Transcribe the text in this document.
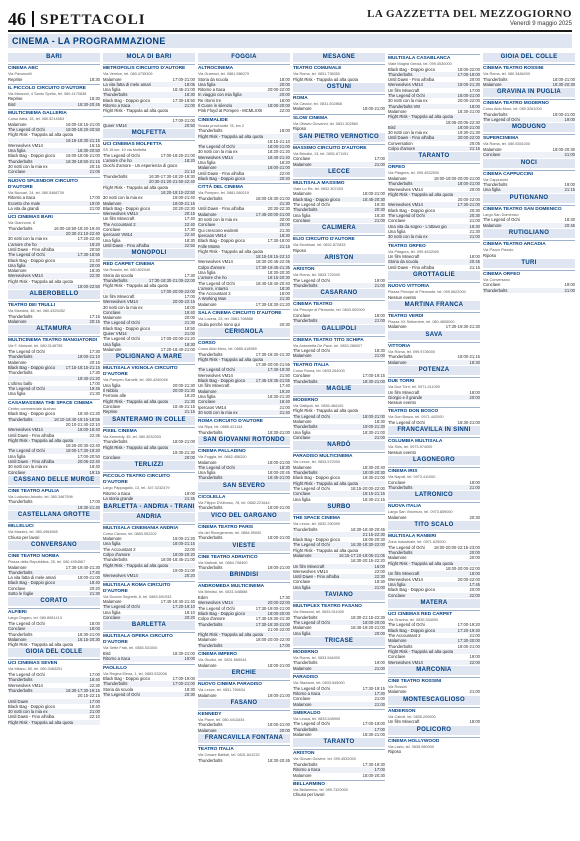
46 SPETTACOLI	LA GAZZETTA DEL MEZZOGIORNO
Venerdì 9 maggio 2025
CINEMA - LA PROGRAMMAZIONE
BARI
CINEMA ABC
Via Pavoncelli
Reprise	18:30
IL PICCOLO CIRCUITO D'AUTORE
Via Manzoni, 4 Santo Spirito, tel. 080.4170838
Reprise	18:30
Bird	18:30-20:45
MULTICINEMA GALLERIA
Corso Italia, 15, tel. 080.5214563
Malamore	16:00-18:15-21:00
The Legend of Ochi	16:00-18:20-20:50
Flight Risk - Trappola ad alta quota
16:15-18:30-21:15
Werewolves VM14	16:15
Una figlia	18:30-20:50
Black Bag - Doppio gioco	16:00-18:05-21:00
Thunderbolts	16:30-18:50-21:15
30 notti con la mia ex	20:15
Conclave	21:05
NUOVO SPLENDOR CIRCUITO D'AUTORE
Via Buccari, 24, tel. 080.5468739
Ritorno a Itaca	17:00
Eccetto che male	19:00
La vita da grandi	21:00
UCI CINEMAS BARI
Via Giannone, 8
Thunderbolts	16:00-18:50-18:20-19:40
20:30-21:10-22:40
30 notti con la mia ex	17:20-22:40
L'amore che ho	18:20
Until Dawn - Fino all'alba	20:50
The Legend of Ochi	17:30-18:55
Black Bag - Doppio gioco	21:40
Una figlia	20:00
Malamore	18:30
Werewolves VM14	22:30
Flight Risk - Trappola ad alta quota
18:00-22:50
ALBEROBELLO
TEATRO DEI TRULLI
Via Mandria, 48, tel. 080.4325452
Thunderbolts	17:15
Malamore	20:15
ALTAMURA
MULTICINEMA TEATRO MANGIATORDI
Via F. Manzari, tel. 080.3148755
The Legend of Ochi	17:30
Thunderbolts	18:00-21:10
Malamore	20:15
Black Bag - Doppio gioco	17:15-18:15-21:15
Thunderbolts	17:30
19:40-21:20
L'ultimo ballo	17:00
The Legend of Ochi	19:45
Una figlia	21:30
CASAMASSIMA THE SPACE CINEMA
Centro commerciale Auchan
Black Bag - Doppio gioco	18:40-21:20
Thunderbolts	18:10-18:40-19:15-18:55
20:10-21:40-22:10
Werewolves VM14	16:00-18:40
Until Dawn - Fino all'alba	22:35
Flight Risk - Trappola ad alta quota
18:25-20:30-22:40
The Legend of Ochi	18:00-17:30-19:20
Una figlia	17:00-20:50
Until Dawn - Fino all'alba	20:05-22:40
30 notti con la mia ex	18:40
Conclave	19:15
CASSANO DELLE MURGE
CINE TEATRO APULIA
Via Ludovico Ariosto, tel. 080.3467596
Thunderbolts	17:00
19:30-21:40
CASTELLANA GROTTE
MILLELUCI
Via Mazzini, tel. 080.4964565
Chiuso per lavori
CONVERSANO
CINE TEATRO NORBA
Piazza della Repubblica, 25, tel. 080.4954567
Malamore	17:30-19:40-21:30
Thunderbolts	17:40
La vita fatta di mele amari	18:00-21:00
Black Bag - Doppio gioco	18:40
Conclave	20:20
Sotto le foglie	21:30
CORATO
ALFIERI
Largo Ongaro, tel. 080.8981413
The Legend of Ochi	18:00
Conclave	18:00
Thunderbolts	18:30-21:00
Malamore	16:15-20:30
Flight Risk - Trappola ad alta quota
GIOIA DEL COLLE
UCI CINEMAS SEVEN
Via Milano, 80, tel. 080.3483251
The Legend of Ochi	17:00
Thunderbolts	18:40
Werewolves VM14	22:30
Thunderbolts	16:30-17:30-19:15
20:15-22:15
Until Dawn	17:00
Black Bag - Doppio gioco	18:40
30 notti con la mia ex	21:00
Until Dawn - Fino all'alba	22:10
Flight Risk - Trappola ad alta quota
MOLA DI BARI
METROPOLIS CIRCUITO D'AUTORE
Via Vernice, tel. 080.4735309
Malamore	17:00-21:00
La vita fatta di mele amari	19:05
Una figlia	18:45-21:00
Thunderbolts	18:30
Black Bag - Doppio gioco	17:30-18:50
Ritorno a Itaca	21:00
Flight Risk - Trappola ad alta quota
17:00-21:00
Queer VM14	20:50
MOLFETTA
UCI CINEMAS MOLFETTA
SS 16 km. 10 via Molfetta
The Legend of Ochi	17:00-18:20-21:00
L'amore che ho	18:20
Giochi d'amore - Un esperienza di gioco
21:10
Thunderbolts	16:30-17:30-18:20-19:30
20:30-21:20-21:50-22:40
Flight Risk - Trappola ad alta quota
16:20-19:10-22:50
30 notti con la mia ex	18:00-21:40
Malamore	18:00-21:15
Black Bag - Doppio gioco	20:20-22:30
Werewolves VM14	20:15
Un film Minecraft	17:40
The Accountant 2	22:40
Conclave	17:30
Ipercaos! VM14	22:40
Una figlia	18:30
Until Dawn - Fino all'alba	22:50
MONOPOLI
RED CARPET CINEMA
Via Rossini, tel. 080.802040
Storia da scuola	17:30
Thunderbolts	17:30-18:30-21:00-22:00
Flight Risk - Trappola ad alta quota
17:00-20:00-22:00
Un film Minecraft	17:00
Werewolves VM14	20:00-22:15
30 notti con la mia ex	18:00
Conclave	19:40
Malamore	20:00
The Legend of Ochi	21:30
Black Bag - Doppio gioco	18:50
Queer VM14	21:00
The Legend of Ochi	17:00-20:00-21:20
Una figlia	18:30
Malamore	17:20-18:40-21:00
POLIGNANO A MARE
MULTISALA VIGNOLA CIRCUITO D'AUTORE
Via Pompeo Sarnelli, tel. 080.4240046
Una figlia	20:00-21:30
Il Nibbio	20:00-21:30
Ferrovie alle	19:20
Flight Risk - Trappola ad alta quota	21:30
Conclave	18:45-21:15
Reprise	21:15
SANTERAMO IN COLLE
PIXEL CINEMA
Via Kennedy, 45, tel. 080.3032003
Thunderbolts	18:00-21:00
Flight Risk - Trappola ad alta quota
19:30-21:30
Conclave	20:00
TERLIZZI
PICCOLO TEATRO CIRCUITO D'AUTORE
Largo Pappagallo, 13, tel. 347.0232479
Ritorno a Itaca	19:00
La storia grande	21:45
BARLETTA - ANDRIA - TRANI
ANDRIA
MULTISALA CINEMANIA ANDRIA
Corso Cavour, tel. 0883.592202
Malamore	19:00-21:20
Una figlia	18:00-21:15
The Accountant 2	22:00
Colpo d'amore	18:00-20:20
Thunderbolts	18:00-18:45-21:00
Flight Risk - Trappola ad alta quota
19:00-21:00
Werewolves VM14	20:20
MULTISALA ROMA CIRCUITO D'AUTORE
Via Duomo Seghetti, 8, tel. 0883.591933
Malamore	17:40-18:40-21:40
The Legend of Ochi	17:20-19:10
Una figlia	18:10
Conclave	20:20
BARLETTA
MULTISALA OPERA CIRCUITO D'AUTORE
Via Sette Frati, tel. 0883.531000
Bird	18:30-21:00
Ritorno a Itaca	19:00
PAOLILLO
Via Regina Elena, 1, tel. 0883.532006
Black Bag - Doppio gioco	17:00-19:00
Thunderbolts	17:00-21:00
Storia da scuola	18:30
The Legend of Ochi	20:30
FOGGIA
ALTROCINEMA
Via Gramsci, tel. 0881.586079
Storia da scuola	18:00
Una figlia	20:00
Ritorno a Itaca	20:00-22:00
In viaggio con mia figlia	20:00
Re ritorni tre	18:00
Il Cuore in silenzio	18:00-20:00
Pink Floyd at Pompeii - MCMLXXII	22:00
CINEMALIDE
Strada provinciale 78, km 2
Thunderbolts	18:00
Flight Risk - Trappola ad alta quota
18:15-21:10
The Legend of Ochi	18:00-21:00
30 notti con la mia ex	18:20-21:20
Werewolves VM14	18:40-21:40
Una figlia	18:20
Malamore	18:00-21:00
Until Dawn - Fino all'alba	22:00
Black Bag - Doppio gioco	20:40
CITTÀ DEL CINEMA
Via Pompeo, tel. 0881.580219
Thunderbolts	18:00-18:30-21:00
21:30
Until Dawn - Fino all'alba	20:30-22:30
Malamore	17:45-20:00-21:00
30 notti con la mia ex	20:00
Conclave	20:00
Qui crescono evidenti	21:30
Ipercaos VM14	18:30
Black Bag - Doppio gioco	17:30-18:00
Folle Monte	21:15
Flight Risk - Trappola ad alta quota
18:15-19:15-22:10
Werewolves VM14	18:30-20:45-22:45
Colpo d'amore	17:30-19:45-21:35
Una figlia	18:30-20:30
L'amore che ho	18:15-20:30
The Legend of Ochi	18:40-18:40-20:40
L'amore, intanto	18:30
The Accountant 2	18:00
A Working Man	21:30
Malamore	17:30-18:30-21:20
SALA CINEMA CIRCUITO D'AUTORE
Via Lucera, 23, tel. 0881.708888
Giulia perché sono qui	20:30
CERIGNOLA
CORSO
Corso Aldo Moro, tel. 0885.418989
Thunderbolts	17:30-18:30-21:30
Flight Risk - Trappola ad alta quota
17:30-20:00-21:55
The Legend of Ochi	17:40-19:30
Werewolves VM14	21:50
Black Bag - Doppio gioco	17:45-19:35-21:55
Un film Minecraft	17:40
Malamore	19:20
Una figlia	18:30-21:30
Conclave	18:40
Ipercaos VM14	21:00
30 notti con la mia ex	21:40
ROMA CIRCUITO D'AUTORE
Via Ripa, tel. 0885.421144
Thunderbolts	18:30-21:00
SAN GIOVANNI ROTONDO
CINEMA PALLADINO
Via Foggia, tel. 0882.456200
Malamore	18:00-21:00
The Legend of Ochi	18:30
Una figlia	18:00-20:45
Thunderbolts	18:45-21:00
SAN SEVERO
CICOLELLA
Via Filippo D'Alfonso, 78, tel. 0882.221644
Thunderbolts	18:00-21:00
VICO DEL GARGANO
CINEMA TEATRO PARIS
Via del Risorgimento, tel. 0884.99000
Thunderbolts	18:00-21:00
VIESTE
CINE TEATRO ADRIATICO
Via Mafrodi, tel. 0884.708400
Thunderbolts	19:00-21:00
BRINDISI
ANDROMEDA MULTICINEMA
Via Brindisi, tel. 0831.548888
Eden	17:30
Werewolves VM14	20:00-22:00
The Legend of Ochi	17:30-19:00-21:00
Black Bag - Doppio gioco	18:00-20:00
Colpo d'amore	17:30-19:30-21:30
Thunderbolts	17:30-18:30-21:00
21:00-22:00
Flight Risk - Trappola ad alta quota
Malamore	18:00-20:00-22:00
Thunderbolts	17:00
CINEMA IMPERO
Via Giudici, tel. 0831.565044
Malamore	18:00-21:00
ERCHIE
NUOVO CINEMA PARADISO
Via Lecce, tel. 0831.769634
Malamore	19:00-21:00
FASANO
KENNEDY
Via Piave, tel. 080.4413434
Thunderbolts	18:00-21:00
Malamore	20:00
FRANCAVILLA FONTANA
TEATRO ITALIA
Via Cesare Battisti, tel. 0831.841232
Thunderbolts	18:30-20:45
MESAGNE
TEATRO COMUNALE
Via Roma, tel. 0831.738350
Flight Risk - Trappola ad alta quota
OSTUNI
ROMA
Via Cavour, tel. 0831.302868
Malamore	18:00-21:00
SLOW CINEMA
Via Ottavio Giovanni, tel. 0831.302860
Riposo
SAN PIETRO VERNOTICO
MASSIMO CIRCUITO D'AUTORE
Via Brindisi, 13, tel. 0831.671151
Conclave	17:00
Malamore	21:00
LECCE
MULTISALA MASSIMO
Viale Lo Re, tel. 0832.307403
Malamore	18:00-21:00
Black Bag - Doppio gioco	18:45-20:30
The Legend of Ochi	19:30
Thunderbolts	20:30
Una figlia	18:30
Conclave	21:00
CALIMERA
ELIO CIRCUITO D'AUTORE
Via Montinari, tel. 0832.872833
Riposo
ARISTON
ARISTON
Via Roma, tel. 0833.722000
The Legend of Ochi	19:00
Thunderbolts	21:00
CASARANO
CINEMA TEATRO
Via Principe di Piemonte, tel. 0833.500000
Conclave	18:00
Thunderbolts	21:00
GALLIPOLI
CINEMA TEATRO TITO SCHIPA
Via Antonietta De Pace, tel. 0833.266007
The Legend of Ochi	18:30
Malamore	21:00
TEATRO ITALIA
Corso Roma, tel. 0833.264000
Conclave	17:00-19:15
Thunderbolts	18:30-21:00
MAGLIE
MODERNO
Via Gallipoli, tel. 0836.484100
Flight Risk - Trappola ad alta quota
The Legend of Ochi	18:00-21:00
Malamore	18:30
Thunderbolts	19:00-21:30
Una figlia	18:30-21:00
Conclave	21:00
NARDÒ
PARADISO MULTICINEMA
Via Lecce, tel. 0833.572000
Malamore	18:30-20:40
Thunderbolts	18:00-20:30
Black Bag - Doppio gioco	18:30-21:00
Flight Risk - Trappola ad alta quota
The Legend of Ochi	18:15-20:00-22:00
Conclave	18:15-21:15
Una figlia	18:30-21:15
SURBO
THE SPACE CINEMA
Via Lecce, tel. 0832.290390
Thunderbolts	16:30-18:40-20:45
21:15-22:30
Black Bag - Doppio gioco	18:00-20:30
The Legend of Ochi	16:30-18:30-22:00
Flight Risk - Trappola ad alta quota
Malamore	16:15-17:10-18:05-21:05
16:30-20:15-22:20
Un film Minecraft	16:00
Werewolves VM14	22:00
Until Dawn - Fino all'alba	22:30
Conclave	18:30
Una figlia	21:00
TAVIANO
MULTIPLEX TEATRO FASANO
Via Manzoni, tel. 0833.911000
Thunderbolts	18:30-21:15-22:30
The Legend of Ochi	18:00-20:00
Malamore	16:40-19:20-21:00
Una figlia	20:00
TRICASE
MODERNO
Via Roma, tel. 0833.544000
Thunderbolts	19:00
Malamore	21:00
PARADISO
Via Stazione, tel. 0833.545000
The Legend of Ochi	17:30-19:15
Ritorno a Itaca	17:30
Conclave	21:00
Malamore	21:00
SMERALDO
Via Leuca, tel. 0833.545900
The Legend of Ochi	17:00-19:00
Thunderbolts	17:00
Malamore	18:30-21:00
TARANTO
ARISTON
Via Giovan Giovine, tel. 099.4532000
Thunderbolts	17:30-19:30
Ritorno a Itaca	17:00
Malamore	18:00-20:30
BELLARMINO
Via Bellarmino, tel. 099.7320000
Chiuso per lavori
MULTISALA CASABLANCA
Viale Magna Grecia, tel. 099.4530000
Black Bag - Doppio gioco	18:00-22:00
Thunderbolts	17:00-19:00
Until Dawn - Fino all'alba	20:00
Werewolves VM14	19:00-21:30
Un film Minecraft	17:00
The Legend of Ochi	18:00-21:00
30 notti con la mia ex	20:00-22:00
Thunderbolts VM	18:00
Malamore	18:30-21:00
Flight Risk - Trappola ad alta quota
18:05-20:05-22:30
Bird	18:00-21:00
30 notti con la mia ex	19:30-21:30
Until Dawn - Fino all'alba	20:00-22:00
Conversation	20:05
Colpo d'amore	21:15
TARANTO
ORFEO
Via Pitagora, tel. 099.4532500
Malamore	18:00-19:00-20:00-21:00
Thunderbolts	18:00-21:00
Werewolves VM14	20:00
Flight Risk - Trappola ad alta quota
20:00-22:00
Werewolves VM14	17:30-21:00
Black Bag - Doppio gioco	20:30
The Legend of Ochi	20:30
Conclave	21:00
Una vita da sogno - L'ottavo gio	18:30
Una figlia	21:30
30 notti con la mia ex	21:00
TEATRO ORFEO
Via Pitagora, tel. 099.4532000
Un film Minecraft	18:00
Storia da scuola	20:45
Until Dawn - Fino all'alba	21:15
GROTTAGLIE
NUOVO VITTORIA
Piazza Principe di Piemonte, tel. 099.5622000
Nessun evento
MARTINA FRANCA
TEATRO VERDI
Piazza XX Settembre, tel. 080.4805000
Malamore	17:30-19:30-21:30
SAVA
VITTORIA
Via Roma, tel. 099.9726000
Thunderbolts	18:00-21:15
Malamore	18:30
POTENZA
DUE TORRI
Via Due Torri, tel. 0971.411000
Un film Minecraft	18:00
Giorgio e il grande	20:00
Nessun evento
TEATRO DON BOSCO
Via Don Bosco, tel. 0971.442000
The Legend of Ochi	18:30-21:00
FRANCAVILLA IN SINNI
COLUMBIA MULTISALA
Via Siris, tel. 0973.574000
Nessun evento
LAGONEGRO
CINEMA IRIS
Via Napoli, tel. 0973.411000
Conclave	18:00
Thunderbolts	21:00
LATRONICO
NUOVA ITALIA
Largo San Vincenzo, tel. 0973.859000
Malamore	20:30
TITO SCALO
MULTISALA RANIERI
Zona Industriale, tel. 0971.625000
The Legend of Ochi 18:00-20:00-22:15-23:00
Thunderbolts	20:00
Malamore	20:00
Flight Risk - Trappola ad alta quota
18:00-20:00-22:00
Un film Minecraft	18:00
Werewolves VM14	20:00-22:00
Una figlia	17:45
Black Bag - Doppio gioco	20:00
Conclave	22:00
MATERA
UCI CINEMAS RED CARPET
Via Gravina, tel. 0835.334000
The Legend of Ochi	17:00-19:20
Black Bag - Doppio gioco	17:20-19:40
The Accountant 2	21:00
Malamore	17:30-20:00
Thunderbolts	18:00-21:00
Flight Risk - Trappola ad alta quota
Conclave	19:00
Werewolves VM14	22:00
MARCONIA
CINE TEATRO ROSSINI
Via Rossini
Malamore	21:00
MONTESCAGLIOSO
ANDERSON
Via Cairoli, tel. 0835.200000
Un film Minecraft	18:00
POLICORO
CINEMA HOLLYWOOD
Via Lazio, tel. 0835.980000
Riposo
GIOIA DEL COLLE
CINEMA TEATRO ROSSINI
Via Roma, tel. 080.3484000
Thunderbolts	18:00-21:00
Malamore	18:30-20:30
GRAVINA IN PUGLIA
CINEMA TEATRO MODERNO
Corso Aldo Moro, tel. 080.3261000
Thunderbolts	18:00-21:00
The Legend of Ochi	19:00
MODUGNO
SUPERCINEMA
Via Roma, tel. 080.5351000
Malamore	18:00-20:30
Conclave	21:00
NOCI
CINEMA CAPPUCCINI
Via Cappuccini
Thunderbolts	19:00
Una figlia	21:15
PUTIGNANO
CINEMA TEATRO SAN DOMENICO
Largo San Domenico
The Legend of Ochi	18:30
Malamore	20:45
RUTIGLIANO
CINEMA TEATRO ARCADIA
Via Pozzo Pizzolo
Riposo
TURI
CINEMA ORFEO
Via Conversano
Conclave	19:00
Thunderbolts	21:00
